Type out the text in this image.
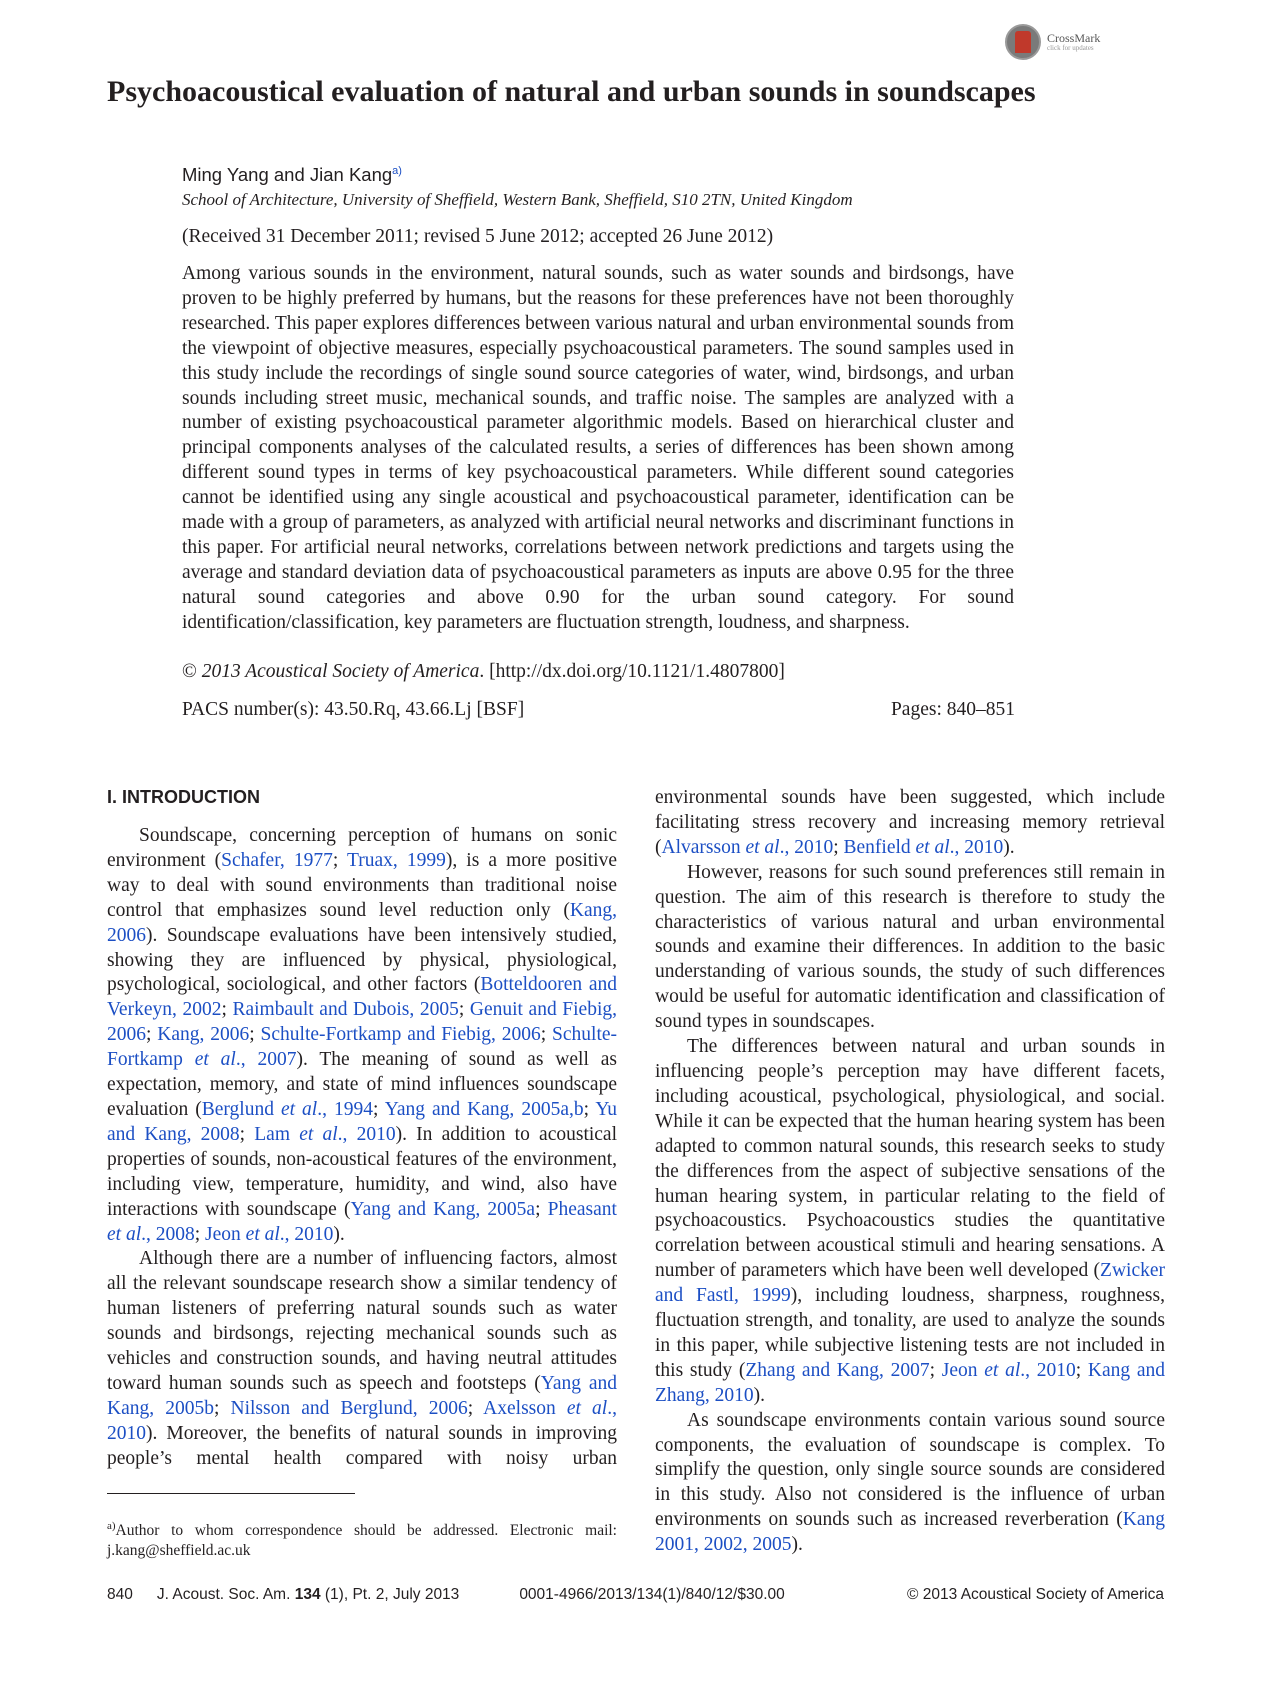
CrossMark
click for updates
Psychoacoustical evaluation of natural and urban sounds in soundscapes
Ming Yang and Jian Kang$^{a)}$
School of Architecture, University of Sheffield, Western Bank, Sheffield, S10 2TN, United Kingdom
(Received 31 December 2011; revised 5 June 2012; accepted 26 June 2012)

Among various sounds in the environment, natural sounds, such as water sounds and birdsongs, have proven to be highly preferred by humans, but the reasons for these preferences have not been thoroughly researched. This paper explores differences between various natural and urban environmental sounds from the viewpoint of objective measures, especially psychoacoustical parameters. The sound samples used in this study include the recordings of single sound source categories of water, wind, birdsongs, and urban sounds including street music, mechanical sounds, and traffic noise. The samples are analyzed with a number of existing psychoacoustical parameter algorithmic models. Based on hierarchical cluster and principal components analyses of the calculated results, a series of differences has been shown among different sound types in terms of key psychoacoustical parameters. While different sound categories cannot be identified using any single acoustical and psychoacoustical parameter, identification can be made with a group of parameters, as analyzed with artificial neural networks and discriminant functions in this paper. For artificial neural networks, correlations between network predictions and targets using the average and standard deviation data of psychoacoustical parameters as inputs are above 0.95 for the three natural sound categories and above 0.90 for the urban sound category. For sound identification/classification, key parameters are fluctuation strength, loudness, and sharpness.

© 2013 Acoustical Society of America. [http://dx.doi.org/10.1121/1.4807800]
PACS number(s): 43.50.Rq, 43.66.Lj [BSF]	Pages: 840–851
I. INTRODUCTION

Soundscape, concerning perception of humans on sonic environment (Schafer, 1977; Truax, 1999), is a more positive way to deal with sound environments than traditional noise control that emphasizes sound level reduction only (Kang, 2006). Soundscape evaluations have been intensively studied, showing they are influenced by physical, physiological, psychological, sociological, and other factors (Botteldooren and Verkeyn, 2002; Raimbault and Dubois, 2005; Genuit and Fiebig, 2006; Kang, 2006; Schulte-Fortkamp and Fiebig, 2006; Schulte-Fortkamp et al., 2007). The meaning of sound as well as expectation, memory, and state of mind influences soundscape evaluation (Berglund et al., 1994; Yang and Kang, 2005a,b; Yu and Kang, 2008; Lam et al., 2010). In addition to acoustical properties of sounds, non-acoustical features of the environment, including view, temperature, humidity, and wind, also have interactions with soundscape (Yang and Kang, 2005a; Pheasant et al., 2008; Jeon et al., 2010).

Although there are a number of influencing factors, almost all the relevant soundscape research show a similar tendency of human listeners of preferring natural sounds such as water sounds and birdsongs, rejecting mechanical sounds such as vehicles and construction sounds, and having neutral attitudes toward human sounds such as speech and footsteps (Yang and Kang, 2005b; Nilsson and Berglund, 2006; Axelsson et al., 2010). Moreover, the benefits of natural sounds in improving people’s mental health compared with noisy urban

environmental sounds have been suggested, which include facilitating stress recovery and increasing memory retrieval (Alvarsson et al., 2010; Benfield et al., 2010).

However, reasons for such sound preferences still remain in question. The aim of this research is therefore to study the characteristics of various natural and urban environmental sounds and examine their differences. In addition to the basic understanding of various sounds, the study of such differences would be useful for automatic identification and classification of sound types in soundscapes.

The differences between natural and urban sounds in influencing people’s perception may have different facets, including acoustical, psychological, physiological, and social. While it can be expected that the human hearing system has been adapted to common natural sounds, this research seeks to study the differences from the aspect of subjective sensations of the human hearing system, in particular relating to the field of psychoacoustics. Psychoacoustics studies the quantitative correlation between acoustical stimuli and hearing sensations. A number of parameters which have been well developed (Zwicker and Fastl, 1999), including loudness, sharpness, roughness, fluctuation strength, and tonality, are used to analyze the sounds in this paper, while subjective listening tests are not included in this study (Zhang and Kang, 2007; Jeon et al., 2010; Kang and Zhang, 2010).

As soundscape environments contain various sound source components, the evaluation of soundscape is complex. To simplify the question, only single source sounds are considered in this study. Also not considered is the influence of urban environments on sounds such as increased reverberation (Kang 2001, 2002, 2005).

$^{a)}$Author to whom correspondence should be addressed. Electronic mail: j.kang@sheffield.ac.uk
840 J. Acoust. Soc. Am. 134 (1), Pt. 2, July 2013	0001-4966/2013/134(1)/840/12/$30.00	© 2013 Acoustical Society of America
